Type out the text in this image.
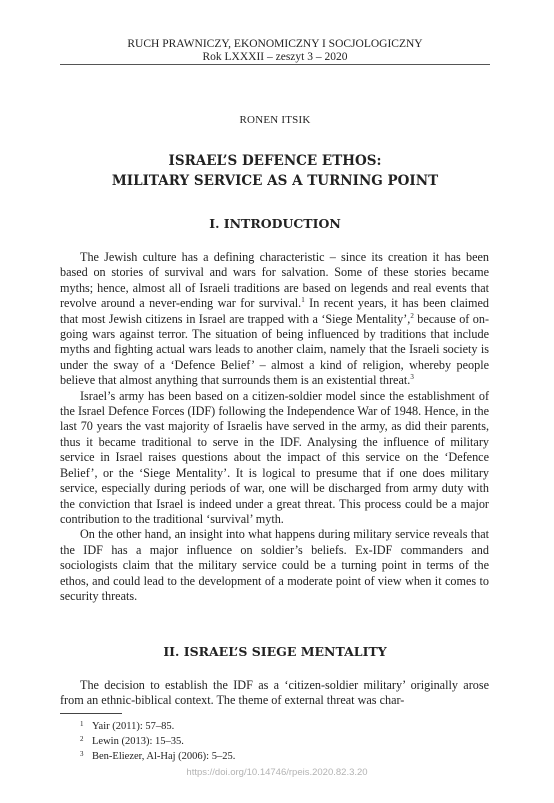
RUCH PRAWNICZY, EKONOMICZNY I SOCJOLOGICZNY
Rok LXXXII – zeszyt 3 – 2020
RONEN ITSIK
ISRAEL’S DEFENCE ETHOS:
MILITARY SERVICE AS A TURNING POINT
I. INTRODUCTION

The Jewish culture has a defining characteristic – since its creation it has been based on stories of survival and wars for salvation. Some of these stories became myths; hence, almost all of Israeli traditions are based on legends and real events that revolve around a never-ending war for survival.$^1$ In recent years, it has been claimed that most Jewish citizens in Israel are trapped with a ‘Siege Mentality’,$^2$ because of on-going wars against terror. The situation of being influenced by traditions that include myths and fighting actual wars leads to another claim, namely that the Israeli society is under the sway of a ‘Defence Belief’ – almost a kind of religion, whereby people believe that almost anything that surrounds them is an existential threat.$^3$

Israel’s army has been based on a citizen-soldier model since the establishment of the Israel Defence Forces (IDF) following the Independence War of 1948. Hence, in the last 70 years the vast majority of Israelis have served in the army, as did their parents, thus it became traditional to serve in the IDF. Analysing the influence of military service in Israel raises questions about the impact of this service on the ‘Defence Belief’, or the ‘Siege Mentality’. It is logical to presume that if one does military service, especially during periods of war, one will be discharged from army duty with the conviction that Israel is indeed under a great threat. This process could be a major contribution to the traditional ‘survival’ myth.

On the other hand, an insight into what happens during military service reveals that the IDF has a major influence on soldier’s beliefs. Ex-IDF commanders and sociologists claim that the military service could be a turning point in terms of the ethos, and could lead to the development of a moderate point of view when it comes to security threats.

II. ISRAEL’S SIEGE MENTALITY

The decision to establish the IDF as a ‘citizen-soldier military’ originally arose from an ethnic-biblical context. The theme of external threat was char-

1 Yair (2011): 57–85.
2 Lewin (2013): 15–35.
3 Ben-Eliezer, Al-Haj (2006): 5–25.
https://doi.org/10.14746/rpeis.2020.82.3.20
